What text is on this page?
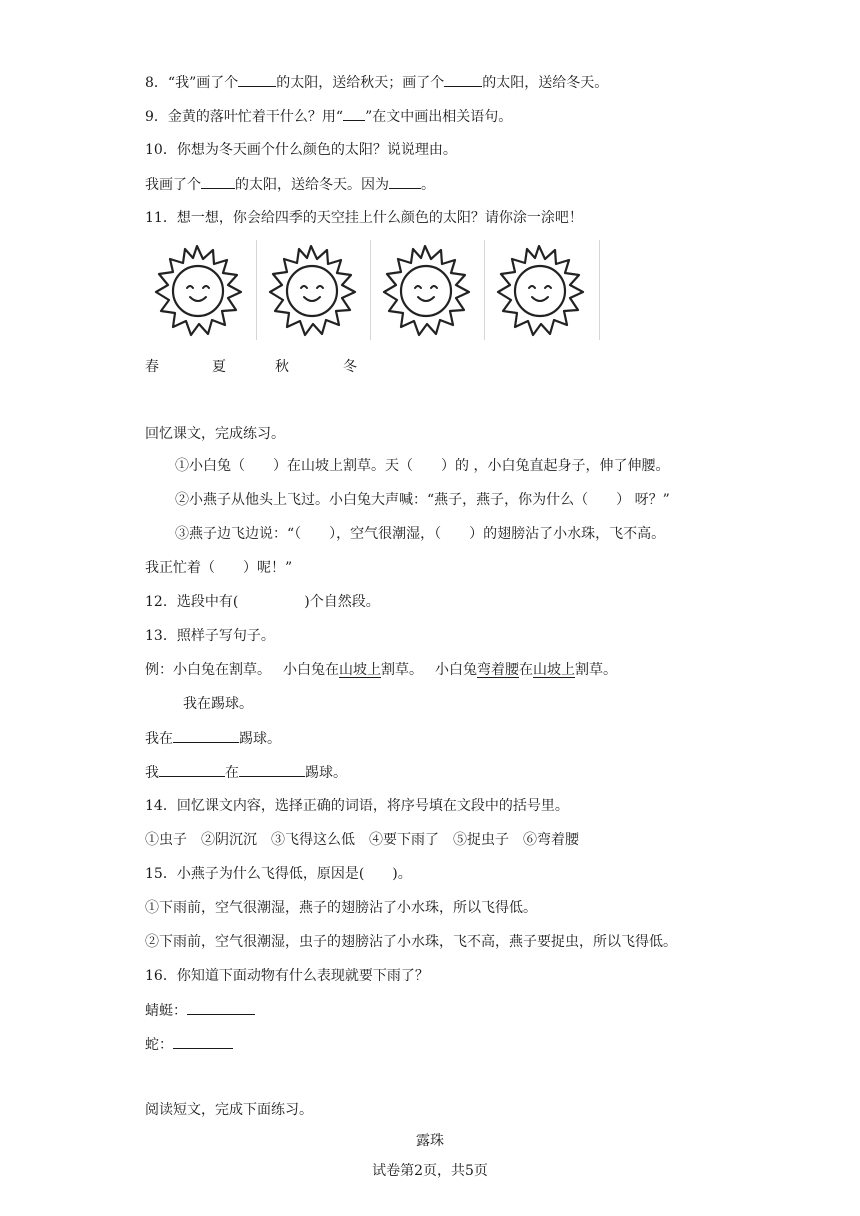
8．“我”画了个	的太阳，送给秋天；画了个	的太阳，送给冬天。
9．金黄的落叶忙着干什么？用“ ”在文中画出相关语句。
10．你想为冬天画个什么颜色的太阳？说说理由。
我画了个 的太阳，送给冬天。因为 。
11．想一想，你会给四季的天空挂上什么颜色的太阳？请你涂一涂吧！
春	夏	秋	冬
回忆课文，完成练习。
①小白兔（　　）在山坡上割草。天（　　）的 ，小白兔直起身子，伸了伸腰。
②小燕子从他头上飞过。小白兔大声喊：“燕子，燕子，你为什么（　　） 呀？”
③燕子边飞边说：“（　　），空气很潮湿，（　　）的翅膀沾了小水珠，飞不高。
我正忙着（　　）呢！”
12．选段中有(	)个自然段。
13．照样子写句子。
例：小白兔在割草。 小白兔在山坡上割草。 小白兔弯着腰在山坡上割草。
我在踢球。
我在	踢球。
我	在	踢球。
14．回忆课文内容，选择正确的词语，将序号填在文段中的括号里。
①虫子　②阴沉沉　③飞得这么低　④要下雨了　⑤捉虫子　⑥弯着腰
15．小燕子为什么飞得低，原因是(　　)。
①下雨前，空气很潮湿，燕子的翅膀沾了小水珠，所以飞得低。
②下雨前，空气很潮湿，虫子的翅膀沾了小水珠，飞不高，燕子要捉虫，所以飞得低。
16．你知道下面动物有什么表现就要下雨了？
蜻蜓：
蛇：
阅读短文，完成下面练习。
露珠
试卷第2页，共5页
